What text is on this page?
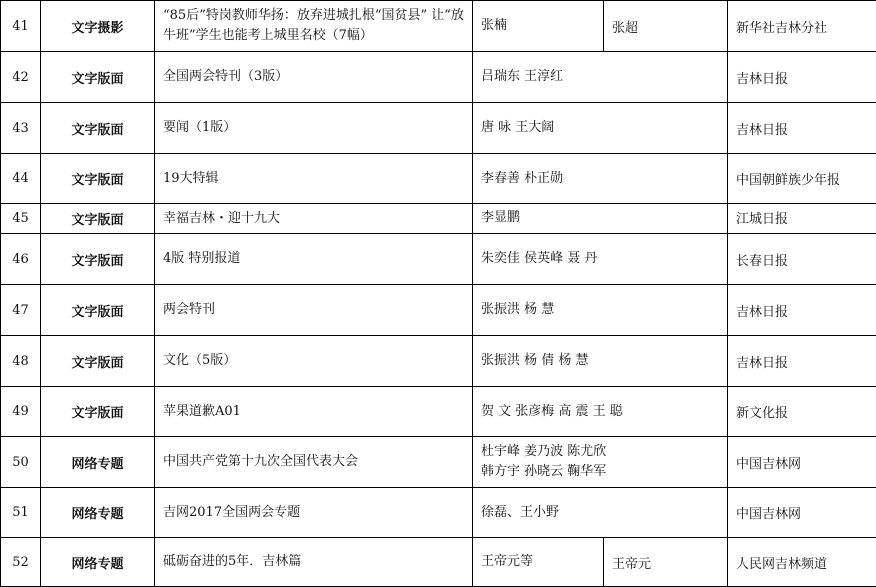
41	文字摄影	“85后”特岗教师华扬：放弃进城扎根“国贫县” 让“放牛班”学生也能考上城里名校（7幅）	张楠	张超	新华社吉林分社
42	文字版面	全国两会特刊（3版）	吕瑞东 王淳红		吉林日报
43	文字版面	要闻（1版）	唐 咏 王大阔		吉林日报
44	文字版面	19大特辑	李春善 朴正勋		中国朝鲜族少年报
45	文字版面	幸福吉林・迎十九大	李显鹏		江城日报
46	文字版面	4版 特别报道	朱奕佳 侯英峰 聂 丹		长春日报
47	文字版面	两会特刊	张振洪 杨 慧		吉林日报
48	文字版面	文化（5版）	张振洪 杨 倩 杨 慧		吉林日报
49	文字版面	苹果道歉A01	贺 文 张彦梅 高 震 王 聪		新文化报
50	网络专题	中国共产党第十九次全国代表大会	杜宇峰 姜乃波 陈尤欣
韩方宇 孙晓云 鞠华军		中国吉林网
51	网络专题	吉网2017全国两会专题	徐磊、王小野		中国吉林网
52	网络专题	砥砺奋进的5年．吉林篇	王帝元等	王帝元	人民网吉林频道
